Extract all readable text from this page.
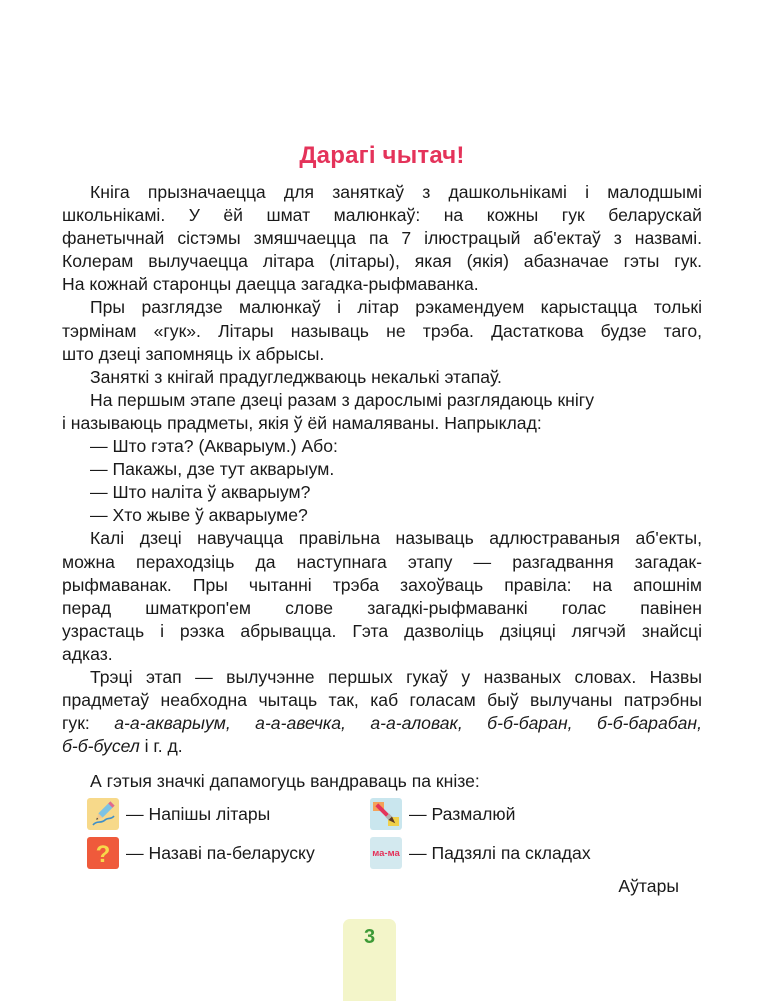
Дарагі чытач!

Кніга прызначаецца для заняткаў з дашкольнікамі і малодшымі

школьнікамі. У ёй шмат малюнкаў: на кожны гук беларускай

фанетычнай сістэмы змяшчаецца па 7 ілюстрацый аб'ектаў з назвамі.

Колерам вылучаецца літара (літары), якая (якія) абазначае гэты гук.

На кожнай старонцы даецца загадка-рыфмаванка.

Пры разглядзе малюнкаў і літар рэкамендуем карыстацца толькі

тэрмінам «гук». Літары называць не трэба. Дастаткова будзе таго,

што дзеці запомняць іх абрысы.

Заняткі з кнігай прадугледжваюць некалькі этапаў.

На першым этапе дзеці разам з дарослымі разглядаюць кнігу

і называюць прадметы, якія ў ёй намаляваны. Напрыклад:

— Што гэта? (Акварыум.) Або:

— Пакажы, дзе тут акварыум.

— Што наліта ў акварыум?

— Хто жыве ў акварыуме?

Калі дзеці навучацца правільна называць адлюстраваныя аб'екты,

можна пераходзіць да наступнага этапу — разгадвання загадак-

рыфмаванак. Пры чытанні трэба захоўваць правіла: на апошнім

перад шматкроп'ем слове загадкі-рыфмаванкі голас павінен

узрастаць і рэзка абрывацца. Гэта дазволіць дзіцяці лягчэй знайсці

адказ.

Трэці этап — вылучэнне першых гукаў у названых словах. Назвы

прадметаў неабходна чытаць так, каб голасам быў вылучаны патрэбны

гук: а-а-акварыум, а-а-авечка, а-а-аловак, б-б-баран, б-б-барабан,

б-б-бусел і г. д.

А гэтыя значкі дапамогуць вандраваць па кнізе:

— Напішы літары	— Размалюй
? — Назаві па-беларуску	ма-ма — Падзялі па складах
Аўтары
3
